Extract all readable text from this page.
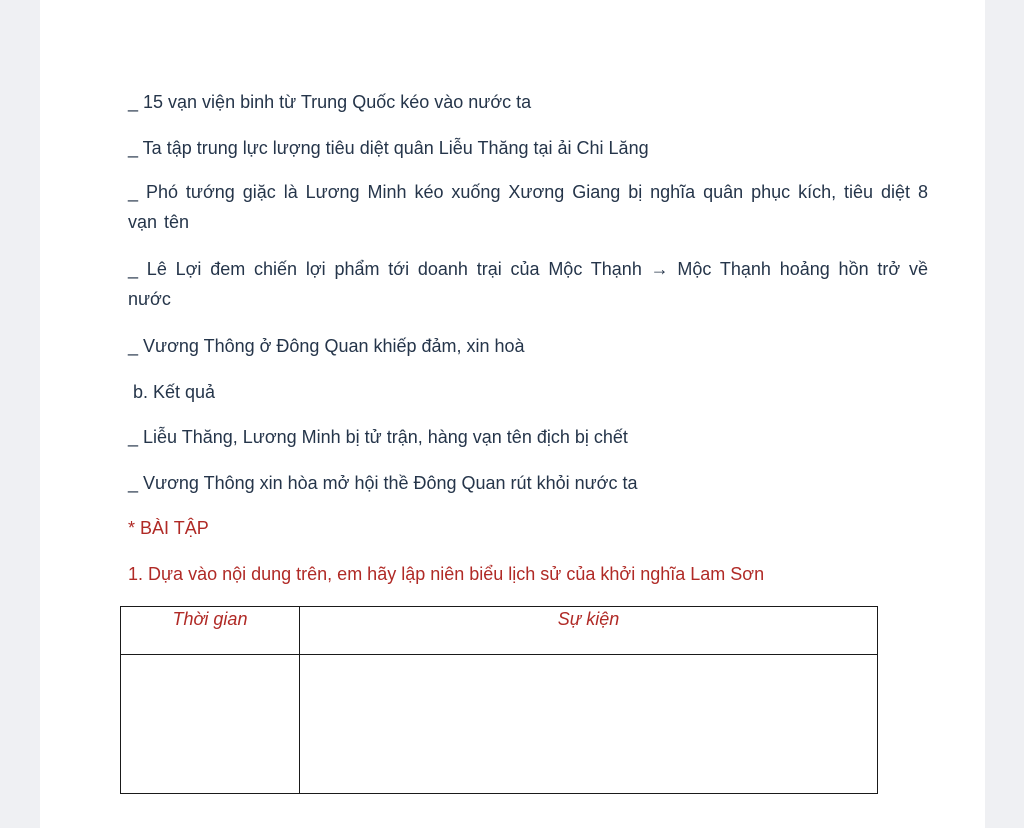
_ 15 vạn viện binh từ Trung Quốc kéo vào nước ta
_ Ta tập trung lực lượng tiêu diệt quân Liễu Thăng tại ải Chi Lăng
_ Phó tướng giặc là Lương Minh kéo xuống Xương Giang bị nghĩa quân phục kích, tiêu diệt 8 vạn tên
_ Lê Lợi đem chiến lợi phẩm tới doanh trại của Mộc Thạnh → Mộc Thạnh hoảng hồn trở về nước
_ Vương Thông ở Đông Quan khiếp đảm, xin hoà
b. Kết quả
_ Liễu Thăng, Lương Minh bị tử trận, hàng vạn tên địch bị chết
_ Vương Thông xin hòa mở hội thề Đông Quan rút khỏi nước ta
* BÀI TẬP
1. Dựa vào nội dung trên, em hãy lập niên biểu lịch sử của khởi nghĩa Lam Sơn
Thời gian	Sự kiện
